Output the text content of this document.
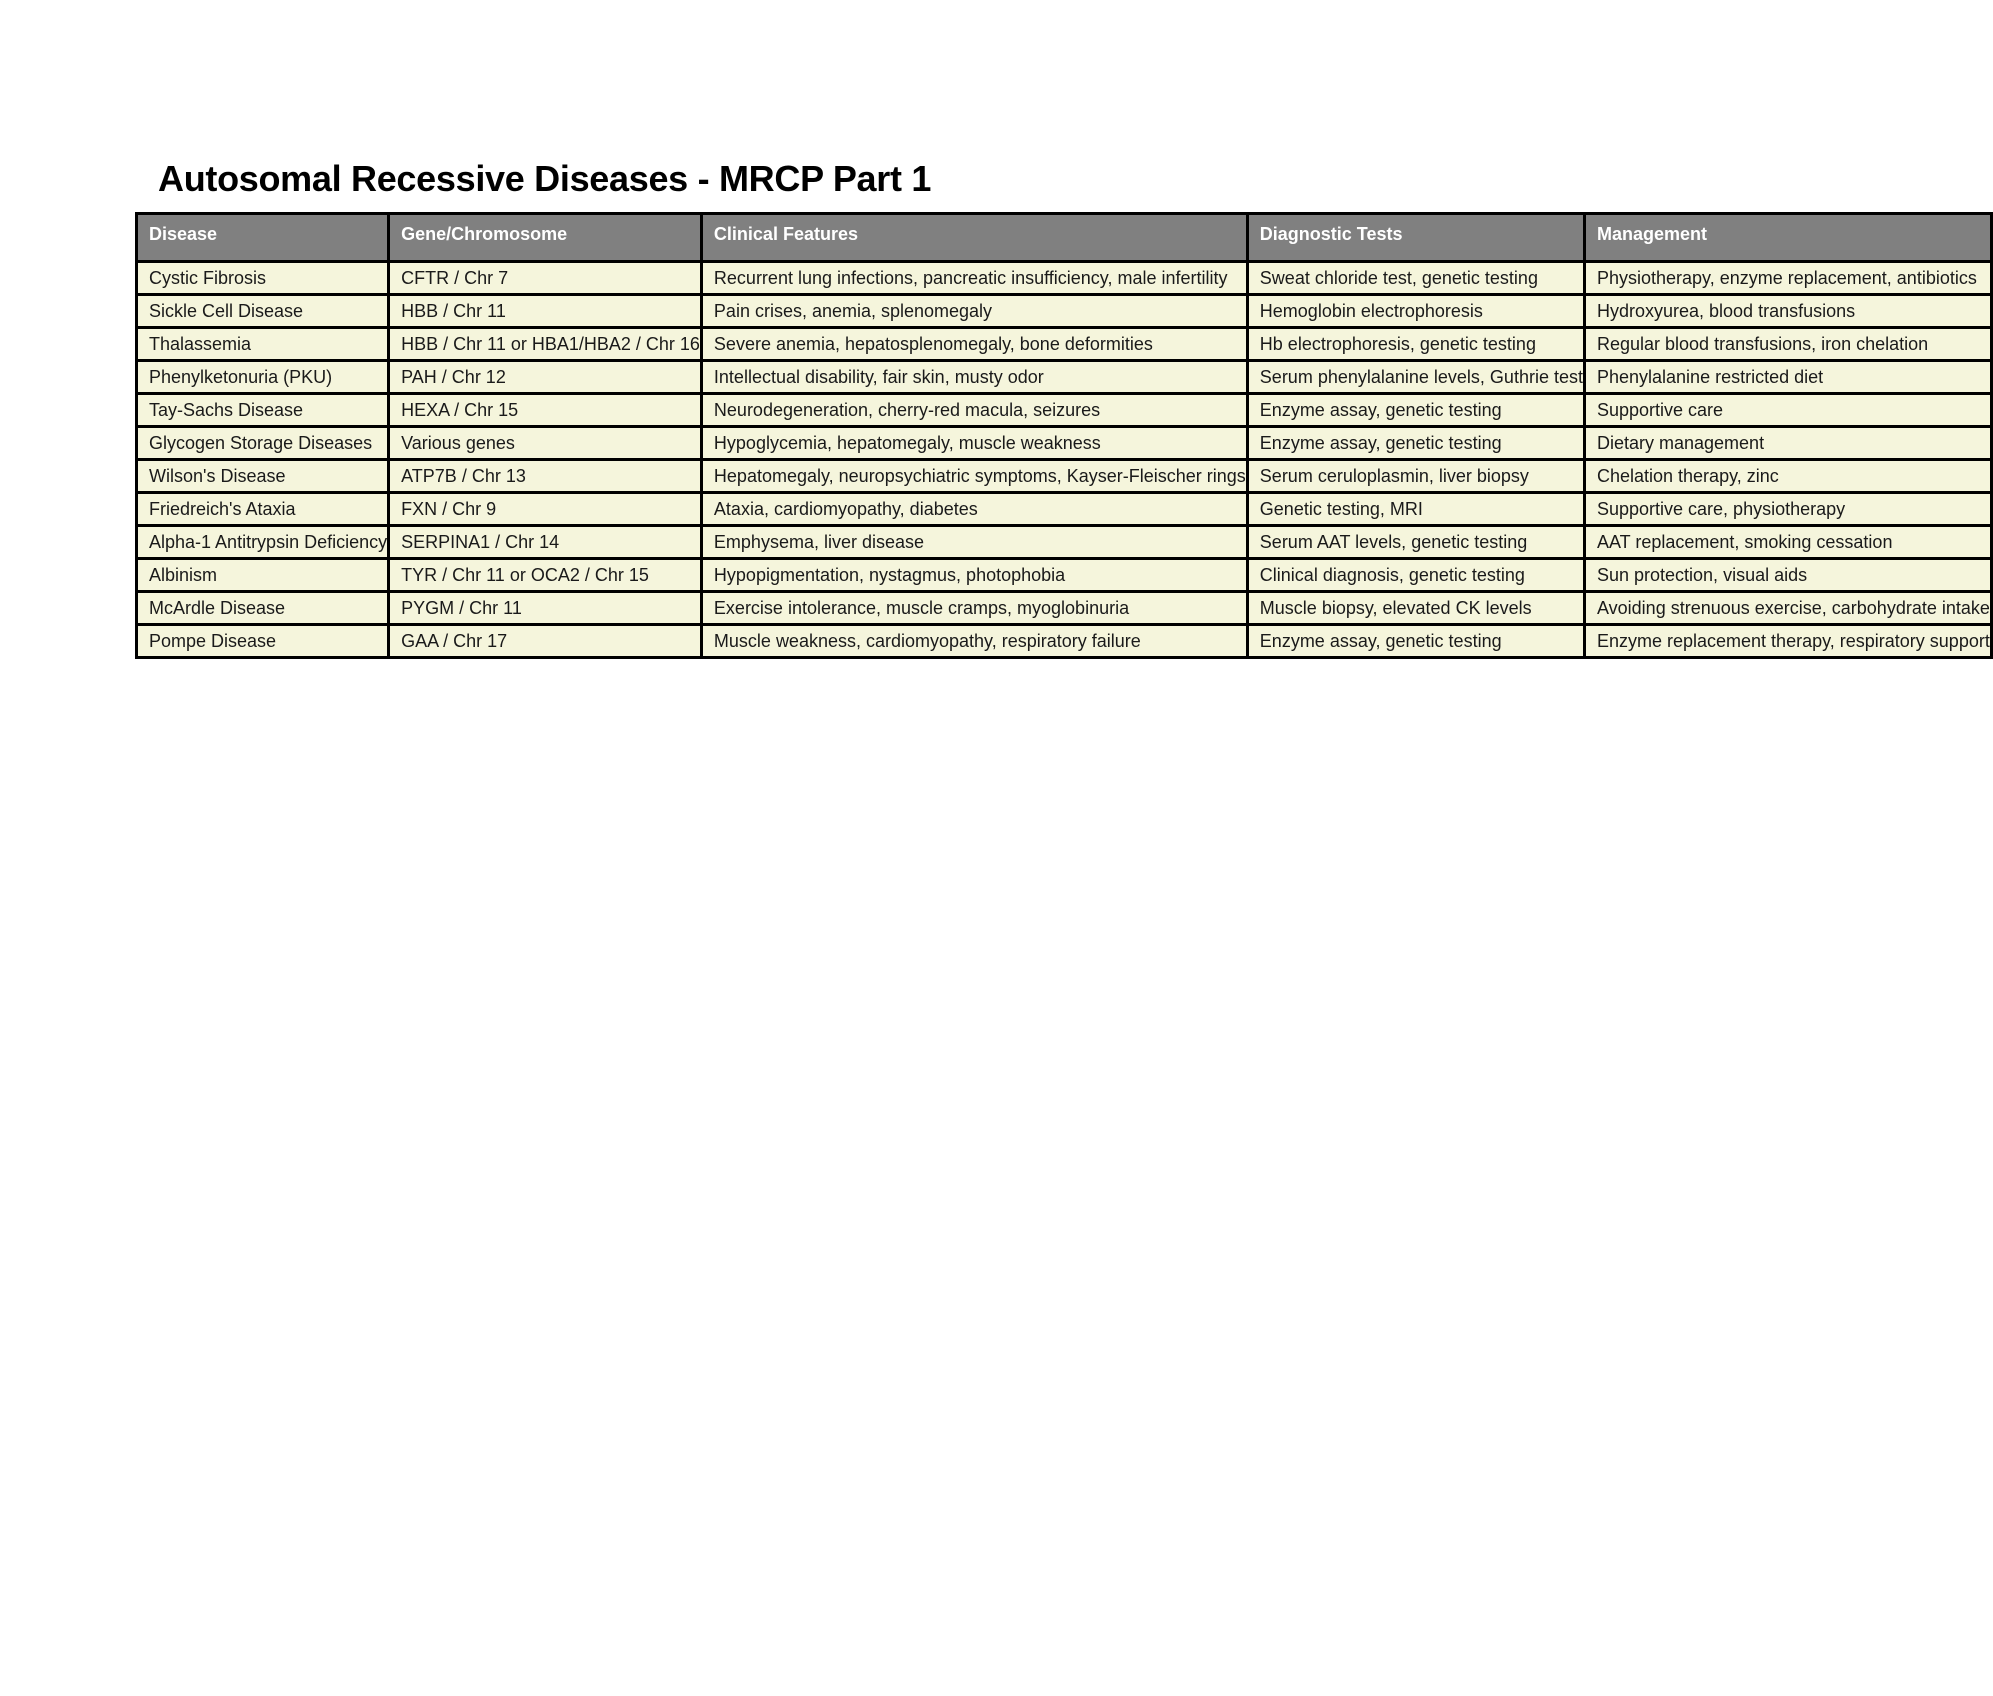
Autosomal Recessive Diseases - MRCP Part 1
Disease	Gene/Chromosome	Clinical Features	Diagnostic Tests	Management

Cystic Fibrosis	CFTR / Chr 7	Recurrent lung infections, pancreatic insufficiency, male infertility	Sweat chloride test, genetic testing	Physiotherapy, enzyme replacement, antibiotics

Sickle Cell Disease	HBB / Chr 11	Pain crises, anemia, splenomegaly	Hemoglobin electrophoresis	Hydroxyurea, blood transfusions

Thalassemia	HBB / Chr 11 or HBA1/HBA2 / Chr 16	Severe anemia, hepatosplenomegaly, bone deformities	Hb electrophoresis, genetic testing	Regular blood transfusions, iron chelation

Phenylketonuria (PKU)	PAH / Chr 12	Intellectual disability, fair skin, musty odor	Serum phenylalanine levels, Guthrie test	Phenylalanine restricted diet

Tay-Sachs Disease	HEXA / Chr 15	Neurodegeneration, cherry-red macula, seizures	Enzyme assay, genetic testing	Supportive care

Glycogen Storage Diseases	Various genes	Hypoglycemia, hepatomegaly, muscle weakness	Enzyme assay, genetic testing	Dietary management

Wilson's Disease	ATP7B / Chr 13	Hepatomegaly, neuropsychiatric symptoms, Kayser-Fleischer rings	Serum ceruloplasmin, liver biopsy	Chelation therapy, zinc

Friedreich's Ataxia	FXN / Chr 9	Ataxia, cardiomyopathy, diabetes	Genetic testing, MRI	Supportive care, physiotherapy

Alpha-1 Antitrypsin Deficiency	SERPINA1 / Chr 14	Emphysema, liver disease	Serum AAT levels, genetic testing	AAT replacement, smoking cessation

Albinism	TYR / Chr 11 or OCA2 / Chr 15	Hypopigmentation, nystagmus, photophobia	Clinical diagnosis, genetic testing	Sun protection, visual aids

McArdle Disease	PYGM / Chr 11	Exercise intolerance, muscle cramps, myoglobinuria	Muscle biopsy, elevated CK levels	Avoiding strenuous exercise, carbohydrate intake

Pompe Disease	GAA / Chr 17	Muscle weakness, cardiomyopathy, respiratory failure	Enzyme assay, genetic testing	Enzyme replacement therapy, respiratory support
